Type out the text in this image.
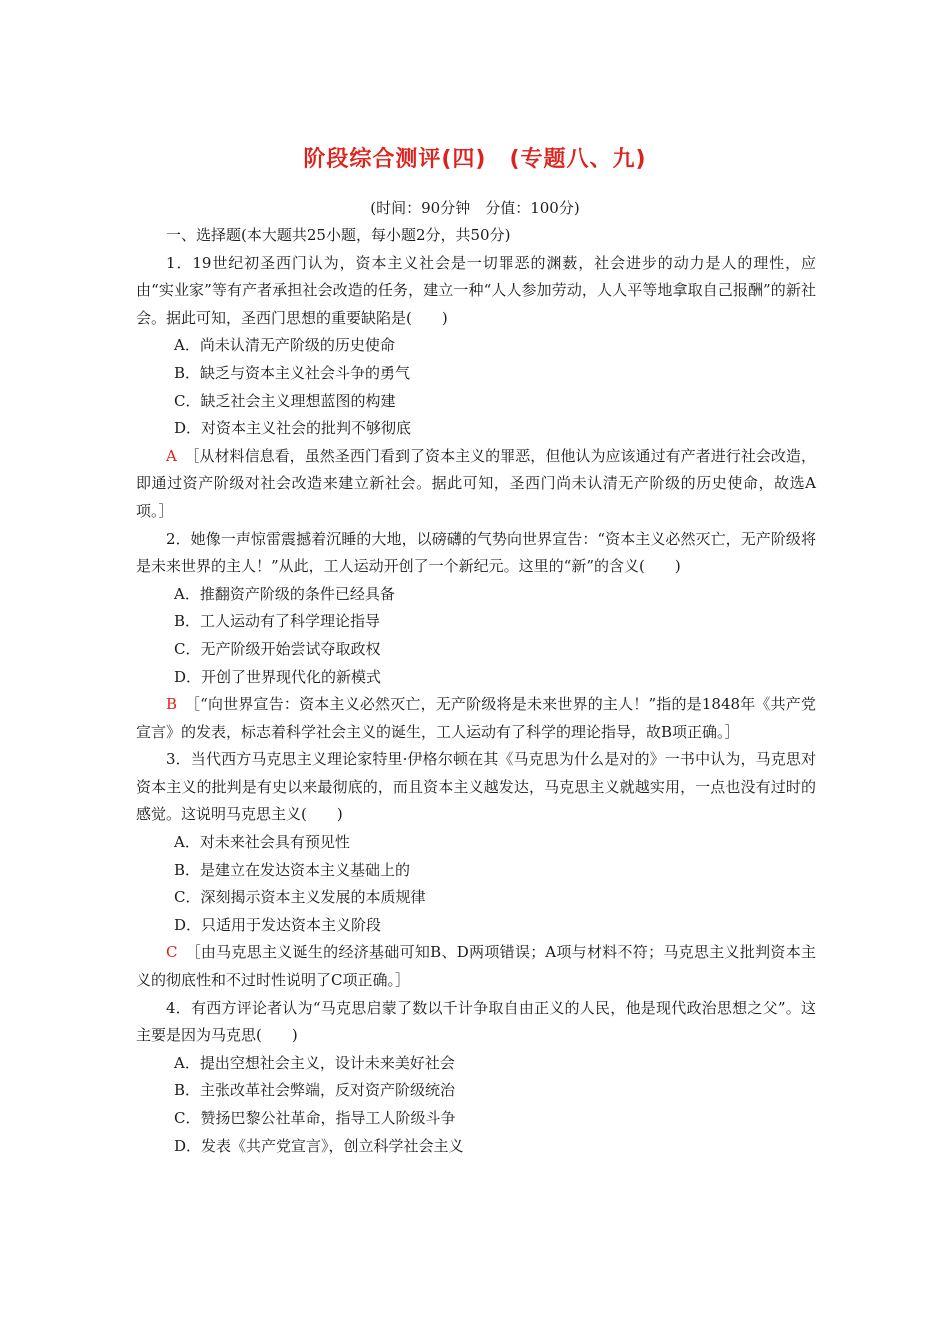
阶段综合测评(四)　(专题八、九)
(时间：90分钟　分值：100分)

一、选择题(本大题共25小题，每小题2分，共50分)

1．19世纪初圣西门认为，资本主义社会是一切罪恶的渊薮，社会进步的动力是人的理性，应由“实业家”等有产者承担社会改造的任务，建立一种“人人参加劳动，人人平等地拿取自己报酬”的新社会。据此可知，圣西门思想的重要缺陷是(　　)

A．尚未认清无产阶级的历史使命

B．缺乏与资本主义社会斗争的勇气

C．缺乏社会主义理想蓝图的构建

D．对资本主义社会的批判不够彻底

A　 ［从材料信息看，虽然圣西门看到了资本主义的罪恶，但他认为应该通过有产者进行社会改造，即通过资产阶级对社会改造来建立新社会。据此可知，圣西门尚未认清无产阶级的历史使命，故选A项。］

2．她像一声惊雷震撼着沉睡的大地，以磅礴的气势向世界宣告：“资本主义必然灭亡，无产阶级将是未来世界的主人！”从此，工人运动开创了一个新纪元。这里的“新”的含义(　　)

A．推翻资产阶级的条件已经具备

B．工人运动有了科学理论指导

C．无产阶级开始尝试夺取政权

D．开创了世界现代化的新模式

B　 ［“向世界宣告：资本主义必然灭亡，无产阶级将是未来世界的主人！”指的是1848年《共产党宣言》的发表，标志着科学社会主义的诞生，工人运动有了科学的理论指导，故B项正确。］

3．当代西方马克思主义理论家特里·伊格尔顿在其《马克思为什么是对的》一书中认为，马克思对资本主义的批判是有史以来最彻底的，而且资本主义越发达，马克思主义就越实用，一点也没有过时的感觉。这说明马克思主义(　　)

A．对未来社会具有预见性

B．是建立在发达资本主义基础上的

C．深刻揭示资本主义发展的本质规律

D．只适用于发达资本主义阶段

C　 ［由马克思主义诞生的经济基础可知B、D两项错误；A项与材料不符；马克思主义批判资本主义的彻底性和不过时性说明了C项正确。］

4．有西方评论者认为“马克思启蒙了数以千计争取自由正义的人民，他是现代政治思想之父”。这主要是因为马克思(　　)

A．提出空想社会主义，设计未来美好社会

B．主张改革社会弊端，反对资产阶级统治

C．赞扬巴黎公社革命，指导工人阶级斗争

D．发表《共产党宣言》，创立科学社会主义
